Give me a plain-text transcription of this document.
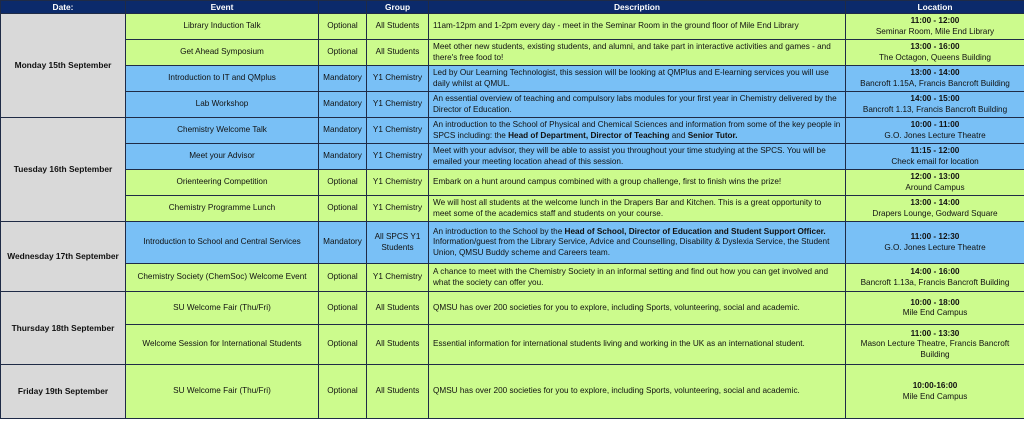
Date:	Event		Group	Description	Location
Monday 15th September	Library Induction Talk	Optional	All Students	11am-12pm and 1-2pm every day - meet in the Seminar Room in the ground floor of Mile End Library	11:00 - 12:00
Seminar Room, Mile End Library

	Get Ahead Symposium	Optional	All Students	Meet other new students, existing students, and alumni, and take part in interactive activities and games - and there's free food to!	13:00 - 16:00
The Octagon, Queens Building

	Introduction to IT and QMplus	Mandatory	Y1 Chemistry	Led by Our Learning Technologist, this session will be looking at QMPlus and E-learning services you will use daily whilst at QMUL.	13:00 - 14:00
Bancroft 1.15A, Francis Bancroft Building

	Lab Workshop	Mandatory	Y1 Chemistry	An essential overview of teaching and compulsory labs modules for your first year in Chemistry delivered by the Director of Education.	14:00 - 15:00
Bancroft 1.13, Francis Bancroft Building

Tuesday 16th September	Chemistry Welcome Talk	Mandatory	Y1 Chemistry	An introduction to the School of Physical and Chemical Sciences and information from some of the key people in SPCS including: the Head of Department, Director of Teaching and Senior Tutor.	10:00 - 11:00
G.O. Jones Lecture Theatre

	Meet your Advisor	Mandatory	Y1 Chemistry	Meet with your advisor, they will be able to assist you throughout your time studying at the SPCS. You will be emailed your meeting location ahead of this session.	11:15 - 12:00
Check email for location

	Orienteering Competition	Optional	Y1 Chemistry	Embark on a hunt around campus combined with a group challenge, first to finish wins the prize!	12:00 - 13:00
Around Campus

	Chemistry Programme Lunch	Optional	Y1 Chemistry	We will host all students at the welcome lunch in the Drapers Bar and Kitchen. This is a great opportunity to meet some of the academics staff and students on your course.	13:00 - 14:00
Drapers Lounge, Godward Square

Wednesday 17th September	Introduction to School and Central Services	Mandatory	All SPCS Y1 Students	An introduction to the School by the Head of School, Director of Education and Student Support Officer. Information/guest from the Library Service, Advice and Counselling, Disability & Dyslexia Service, the Student Union, QMSU Buddy scheme and Careers team.	11:00 - 12:30
G.O. Jones Lecture Theatre

	Chemistry Society (ChemSoc) Welcome Event	Optional	Y1 Chemistry	A chance to meet with the Chemistry Society in an informal setting and find out how you can get involved and what the society can offer you.	14:00 - 16:00
Bancroft 1.13a, Francis Bancroft Building

Thursday 18th September	SU Welcome Fair (Thu/Fri)	Optional	All Students	QMSU has over 200 societies for you to explore, including Sports, volunteering, social and academic.	10:00 - 18:00
Mile End Campus

	Welcome Session for International Students	Optional	All Students	Essential information for international students living and working in the UK as an international student.	11:00 - 13:30
Mason Lecture Theatre, Francis Bancroft Building

Friday 19th September	SU Welcome Fair (Thu/Fri)	Optional	All Students	QMSU has over 200 societies for you to explore, including Sports, volunteering, social and academic.	10:00-16:00
Mile End Campus
